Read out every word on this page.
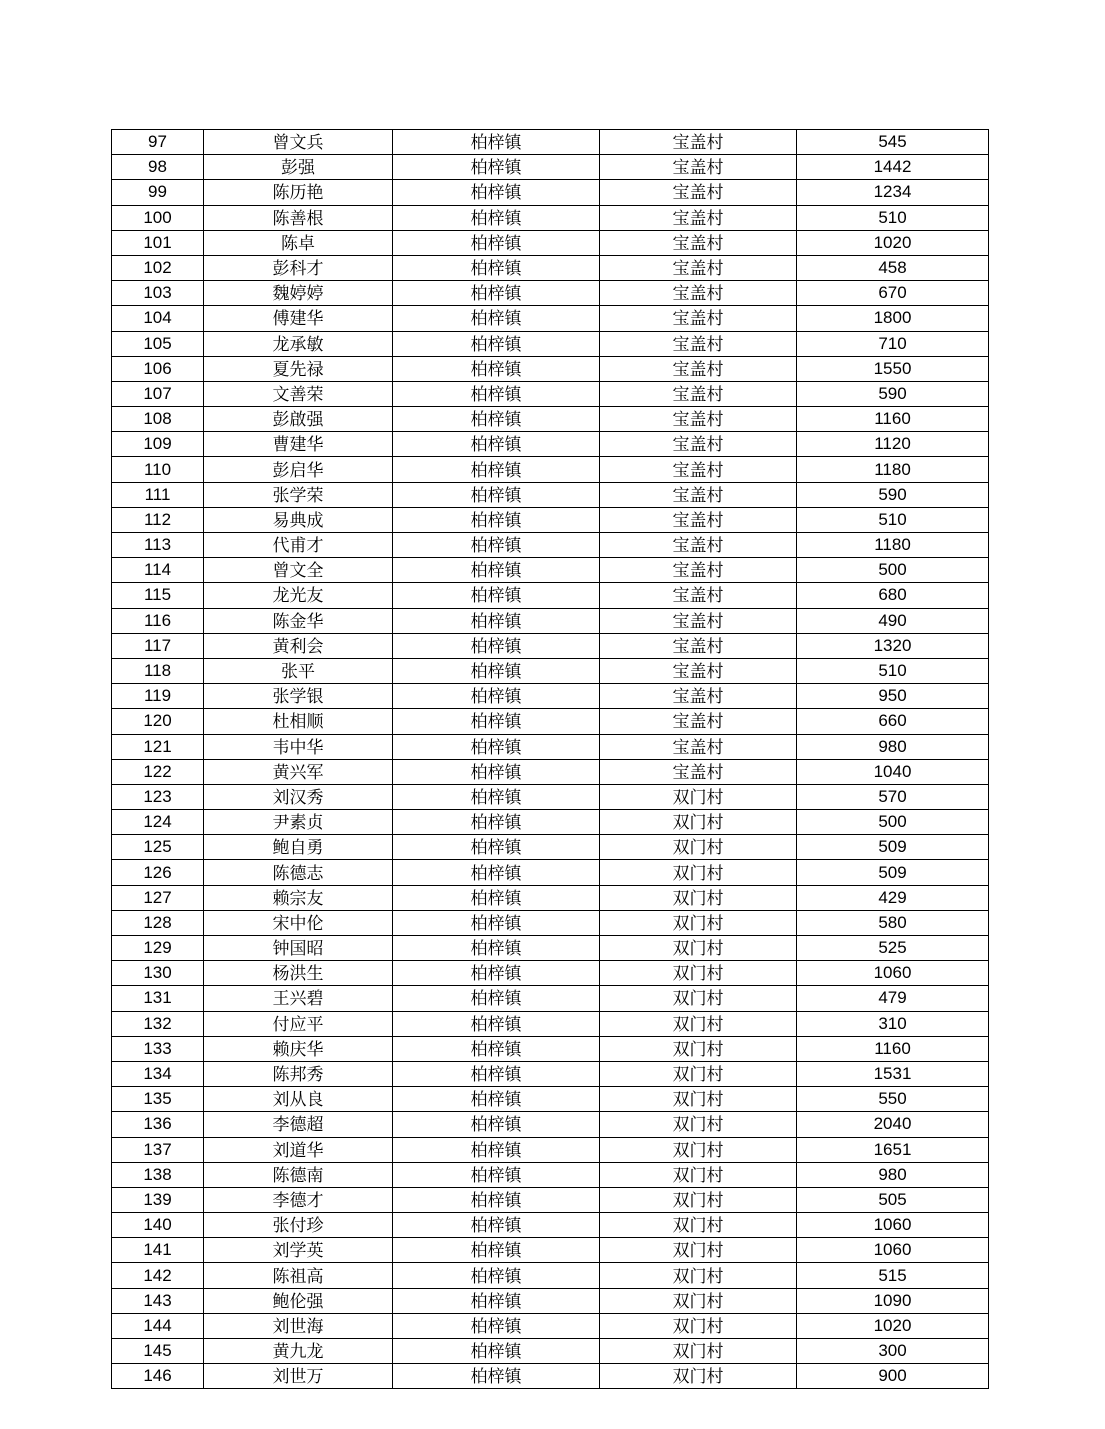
97	曾文兵	柏梓镇	宝盖村	545
98	彭强	柏梓镇	宝盖村	1442
99	陈历艳	柏梓镇	宝盖村	1234
100	陈善根	柏梓镇	宝盖村	510
101	陈卓	柏梓镇	宝盖村	1020
102	彭科才	柏梓镇	宝盖村	458
103	魏婷婷	柏梓镇	宝盖村	670
104	傅建华	柏梓镇	宝盖村	1800
105	龙承敏	柏梓镇	宝盖村	710
106	夏先禄	柏梓镇	宝盖村	1550
107	文善荣	柏梓镇	宝盖村	590
108	彭啟强	柏梓镇	宝盖村	1160
109	曹建华	柏梓镇	宝盖村	1120
110	彭启华	柏梓镇	宝盖村	1180
111	张学荣	柏梓镇	宝盖村	590
112	易典成	柏梓镇	宝盖村	510
113	代甫才	柏梓镇	宝盖村	1180
114	曾文全	柏梓镇	宝盖村	500
115	龙光友	柏梓镇	宝盖村	680
116	陈金华	柏梓镇	宝盖村	490
117	黄利会	柏梓镇	宝盖村	1320
118	张平	柏梓镇	宝盖村	510
119	张学银	柏梓镇	宝盖村	950
120	杜相顺	柏梓镇	宝盖村	660
121	韦中华	柏梓镇	宝盖村	980
122	黄兴军	柏梓镇	宝盖村	1040
123	刘汉秀	柏梓镇	双门村	570
124	尹素贞	柏梓镇	双门村	500
125	鲍自勇	柏梓镇	双门村	509
126	陈德志	柏梓镇	双门村	509
127	赖宗友	柏梓镇	双门村	429
128	宋中伦	柏梓镇	双门村	580
129	钟国昭	柏梓镇	双门村	525
130	杨洪生	柏梓镇	双门村	1060
131	王兴碧	柏梓镇	双门村	479
132	付应平	柏梓镇	双门村	310
133	赖庆华	柏梓镇	双门村	1160
134	陈邦秀	柏梓镇	双门村	1531
135	刘从良	柏梓镇	双门村	550
136	李德超	柏梓镇	双门村	2040
137	刘道华	柏梓镇	双门村	1651
138	陈德南	柏梓镇	双门村	980
139	李德才	柏梓镇	双门村	505
140	张付珍	柏梓镇	双门村	1060
141	刘学英	柏梓镇	双门村	1060
142	陈祖高	柏梓镇	双门村	515
143	鲍伦强	柏梓镇	双门村	1090
144	刘世海	柏梓镇	双门村	1020
145	黄九龙	柏梓镇	双门村	300
146	刘世万	柏梓镇	双门村	900
